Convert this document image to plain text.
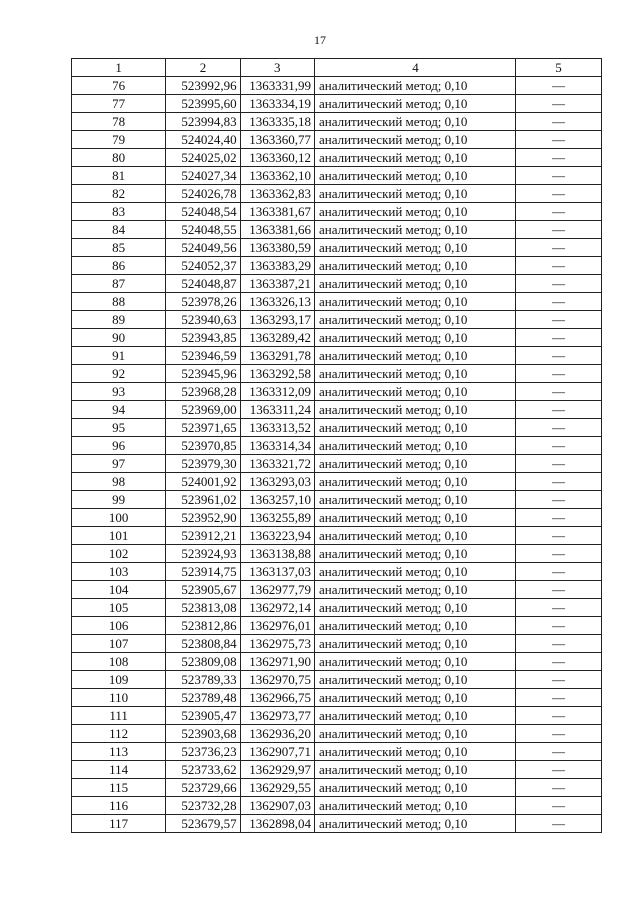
17
1	2	3	4	5
76	523992,96	1363331,99	аналитический метод; 0,10	—
77	523995,60	1363334,19	аналитический метод; 0,10	—
78	523994,83	1363335,18	аналитический метод; 0,10	—
79	524024,40	1363360,77	аналитический метод; 0,10	—
80	524025,02	1363360,12	аналитический метод; 0,10	—
81	524027,34	1363362,10	аналитический метод; 0,10	—
82	524026,78	1363362,83	аналитический метод; 0,10	—
83	524048,54	1363381,67	аналитический метод; 0,10	—
84	524048,55	1363381,66	аналитический метод; 0,10	—
85	524049,56	1363380,59	аналитический метод; 0,10	—
86	524052,37	1363383,29	аналитический метод; 0,10	—
87	524048,87	1363387,21	аналитический метод; 0,10	—
88	523978,26	1363326,13	аналитический метод; 0,10	—
89	523940,63	1363293,17	аналитический метод; 0,10	—
90	523943,85	1363289,42	аналитический метод; 0,10	—
91	523946,59	1363291,78	аналитический метод; 0,10	—
92	523945,96	1363292,58	аналитический метод; 0,10	—
93	523968,28	1363312,09	аналитический метод; 0,10	—
94	523969,00	1363311,24	аналитический метод; 0,10	—
95	523971,65	1363313,52	аналитический метод; 0,10	—
96	523970,85	1363314,34	аналитический метод; 0,10	—
97	523979,30	1363321,72	аналитический метод; 0,10	—
98	524001,92	1363293,03	аналитический метод; 0,10	—
99	523961,02	1363257,10	аналитический метод; 0,10	—
100	523952,90	1363255,89	аналитический метод; 0,10	—
101	523912,21	1363223,94	аналитический метод; 0,10	—
102	523924,93	1363138,88	аналитический метод; 0,10	—
103	523914,75	1363137,03	аналитический метод; 0,10	—
104	523905,67	1362977,79	аналитический метод; 0,10	—
105	523813,08	1362972,14	аналитический метод; 0,10	—
106	523812,86	1362976,01	аналитический метод; 0,10	—
107	523808,84	1362975,73	аналитический метод; 0,10	—
108	523809,08	1362971,90	аналитический метод; 0,10	—
109	523789,33	1362970,75	аналитический метод; 0,10	—
110	523789,48	1362966,75	аналитический метод; 0,10	—
111	523905,47	1362973,77	аналитический метод; 0,10	—
112	523903,68	1362936,20	аналитический метод; 0,10	—
113	523736,23	1362907,71	аналитический метод; 0,10	—
114	523733,62	1362929,97	аналитический метод; 0,10	—
115	523729,66	1362929,55	аналитический метод; 0,10	—
116	523732,28	1362907,03	аналитический метод; 0,10	—
117	523679,57	1362898,04	аналитический метод; 0,10	—
